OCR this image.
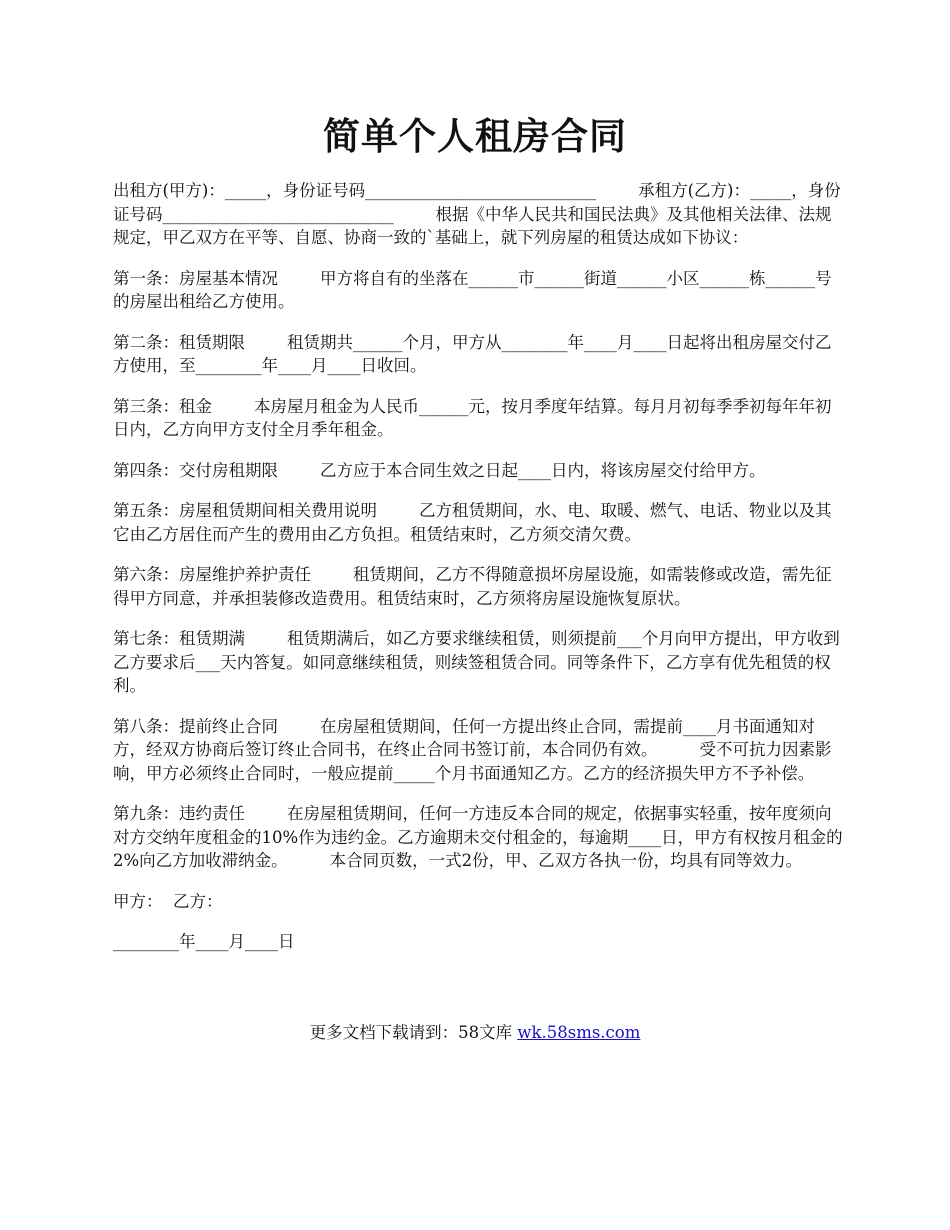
简单个人租房合同

出租方(甲方)：_____，身份证号码____________________________        承租方(乙方)：_____，身份证号码____________________________        根据《中华人民共和国民法典》及其他相关法律、法规规定，甲乙双方在平等、自愿、协商一致的`基础上，就下列房屋的租赁达成如下协议：

第一条：房屋基本情况        甲方将自有的坐落在______市______街道______小区______栋______号的房屋出租给乙方使用。

第二条：租赁期限        租赁期共______个月，甲方从________年____月____日起将出租房屋交付乙方使用，至________年____月____日收回。

第三条：租金        本房屋月租金为人民币______元，按月季度年结算。每月月初每季季初每年年初日内，乙方向甲方支付全月季年租金。

第四条：交付房租期限        乙方应于本合同生效之日起____日内，将该房屋交付给甲方。

第五条：房屋租赁期间相关费用说明        乙方租赁期间，水、电、取暖、燃气、电话、物业以及其它由乙方居住而产生的费用由乙方负担。租赁结束时，乙方须交清欠费。

第六条：房屋维护养护责任        租赁期间，乙方不得随意损坏房屋设施，如需装修或改造，需先征得甲方同意，并承担装修改造费用。租赁结束时，乙方须将房屋设施恢复原状。

第七条：租赁期满        租赁期满后，如乙方要求继续租赁，则须提前___个月向甲方提出，甲方收到乙方要求后___天内答复。如同意继续租赁，则续签租赁合同。同等条件下，乙方享有优先租赁的权利。

第八条：提前终止合同        在房屋租赁期间，任何一方提出终止合同，需提前____月书面通知对方，经双方协商后签订终止合同书，在终止合同书签订前，本合同仍有效。        受不可抗力因素影响，甲方必须终止合同时，一般应提前_____个月书面通知乙方。乙方的经济损失甲方不予补偿。

第九条：违约责任        在房屋租赁期间，任何一方违反本合同的规定，依据事实轻重，按年度须向对方交纳年度租金的10%作为违约金。乙方逾期未交付租金的，每逾期____日，甲方有权按月租金的2%向乙方加收滞纳金。        本合同页数，一式2份，甲、乙双方各执一份，均具有同等效力。

甲方：  乙方：

________年____月____日

更多文档下载请到：58文库 wk.58sms.com
